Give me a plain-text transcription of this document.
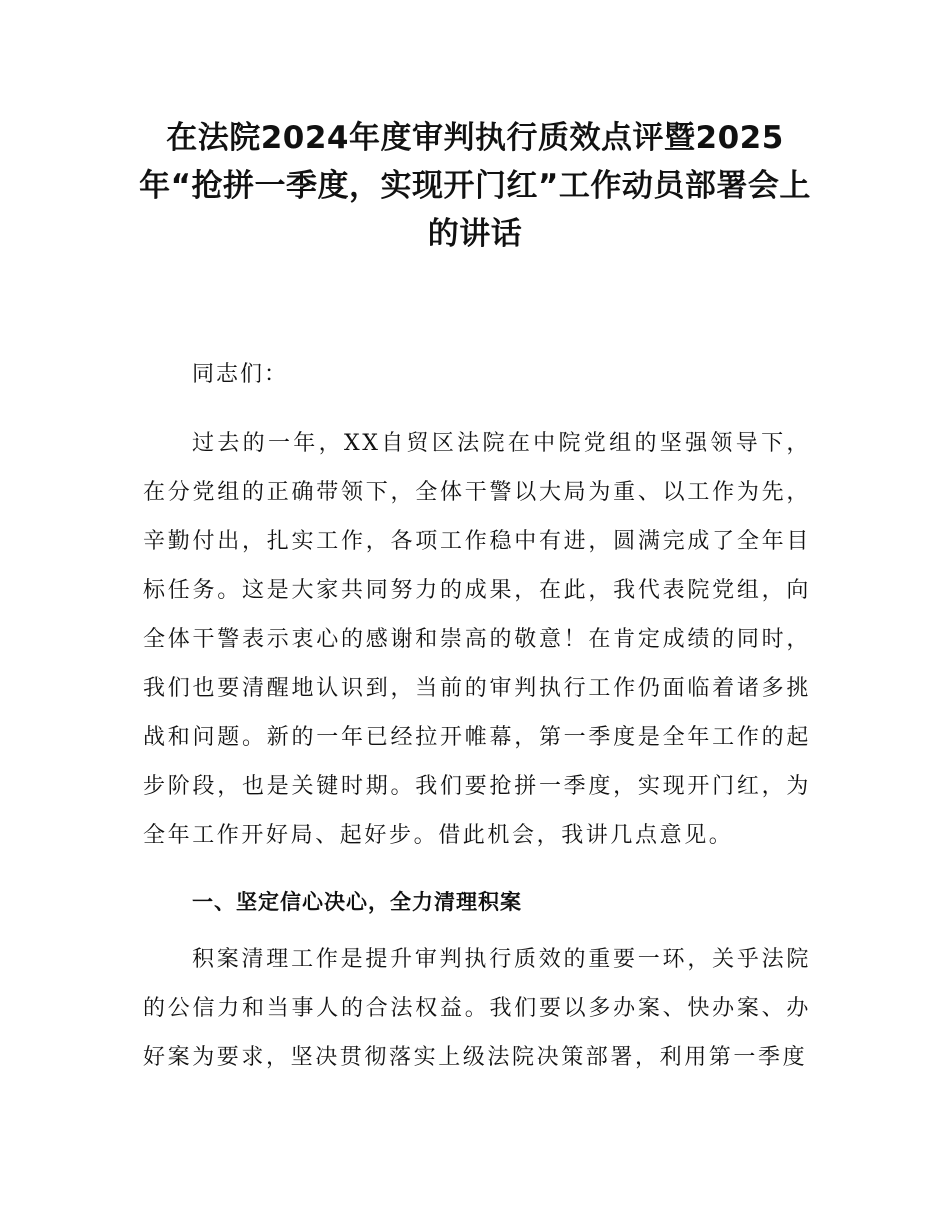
在法院2024年度审判执行质效点评暨2025年“抢拼一季度，实现开门红”工作动员部署会上的讲话

同志们：

过去的一年，XX自贸区法院在中院党组的坚强领导下，在分党组的正确带领下，全体干警以大局为重、以工作为先，辛勤付出，扎实工作，各项工作稳中有进，圆满完成了全年目标任务。这是大家共同努力的成果，在此，我代表院党组，向全体干警表示衷心的感谢和崇高的敬意！在肯定成绩的同时，我们也要清醒地认识到，当前的审判执行工作仍面临着诸多挑战和问题。新的一年已经拉开帷幕，第一季度是全年工作的起步阶段，也是关键时期。我们要抢拼一季度，实现开门红，为全年工作开好局、起好步。借此机会，我讲几点意见。

一、坚定信心决心，全力清理积案

积案清理工作是提升审判执行质效的重要一环，关乎法院的公信力和当事人的合法权益。我们要以多办案、快办案、办好案为要求，坚决贯彻落实上级法院决策部署，利用第一季度
